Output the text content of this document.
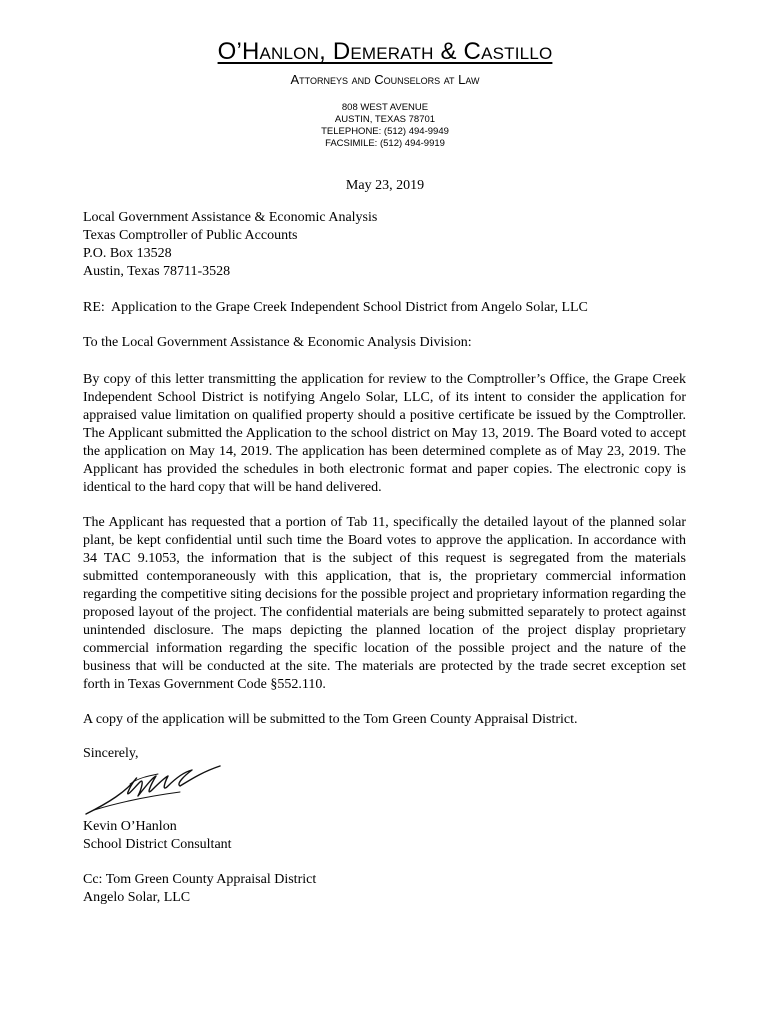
O’Hanlon, Demerath & Castillo
Attorneys and Counselors at Law
808 WEST AVENUE
AUSTIN, TEXAS 78701
TELEPHONE: (512) 494-9949
FACSIMILE: (512) 494-9919
May 23, 2019
Local Government Assistance & Economic Analysis
Texas Comptroller of Public Accounts
P.O. Box 13528
Austin, Texas 78711-3528
RE:  Application to the Grape Creek Independent School District from Angelo Solar, LLC
To the Local Government Assistance & Economic Analysis Division:

By copy of this letter transmitting the application for review to the Comptroller’s Office, the Grape Creek Independent School District is notifying Angelo Solar, LLC, of its intent to consider the application for appraised value limitation on qualified property should a positive certificate be issued by the Comptroller. The Applicant submitted the Application to the school district on May 13, 2019. The Board voted to accept the application on May 14, 2019. The application has been determined complete as of May 23, 2019. The Applicant has provided the schedules in both electronic format and paper copies. The electronic copy is identical to the hard copy that will be hand delivered.

The Applicant has requested that a portion of Tab 11, specifically the detailed layout of the planned solar plant, be kept confidential until such time the Board votes to approve the application. In accordance with 34 TAC 9.1053, the information that is the subject of this request is segregated from the materials submitted contemporaneously with this application, that is, the proprietary commercial information regarding the competitive siting decisions for the possible project and proprietary information regarding the proposed layout of the project. The confidential materials are being submitted separately to protect against unintended disclosure. The maps depicting the planned location of the project display proprietary commercial information regarding the specific location of the possible project and the nature of the business that will be conducted at the site. The materials are protected by the trade secret exception set forth in Texas Government Code §552.110.

A copy of the application will be submitted to the Tom Green County Appraisal District.

Sincerely,
Kevin O’Hanlon
School District Consultant
Cc: Tom Green County Appraisal District
Angelo Solar, LLC
